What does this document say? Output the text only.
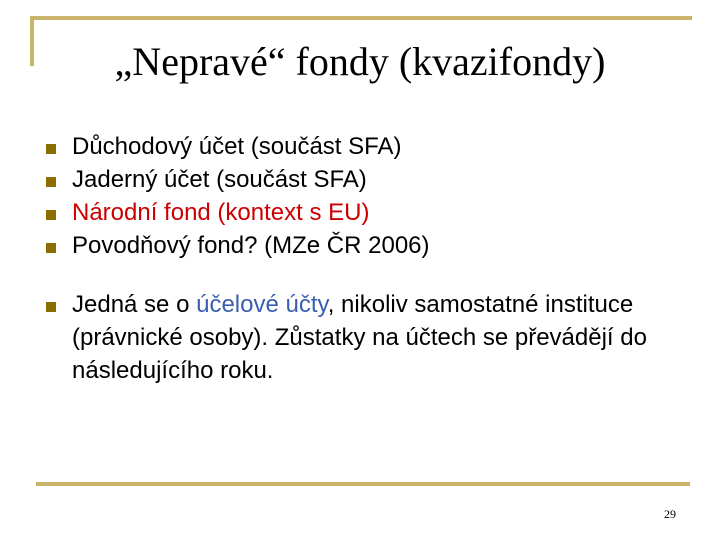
„Nepravé“ fondy (kvazifondy)
Důchodový účet (součást SFA)
Jaderný účet (součást SFA)
Národní fond (kontext s EU)
Povodňový fond? (MZe ČR 2006)
Jedná se o účelové účty, nikoliv samostatné instituce (právnické osoby). Zůstatky na účtech se převádějí do následujícího roku.
29
